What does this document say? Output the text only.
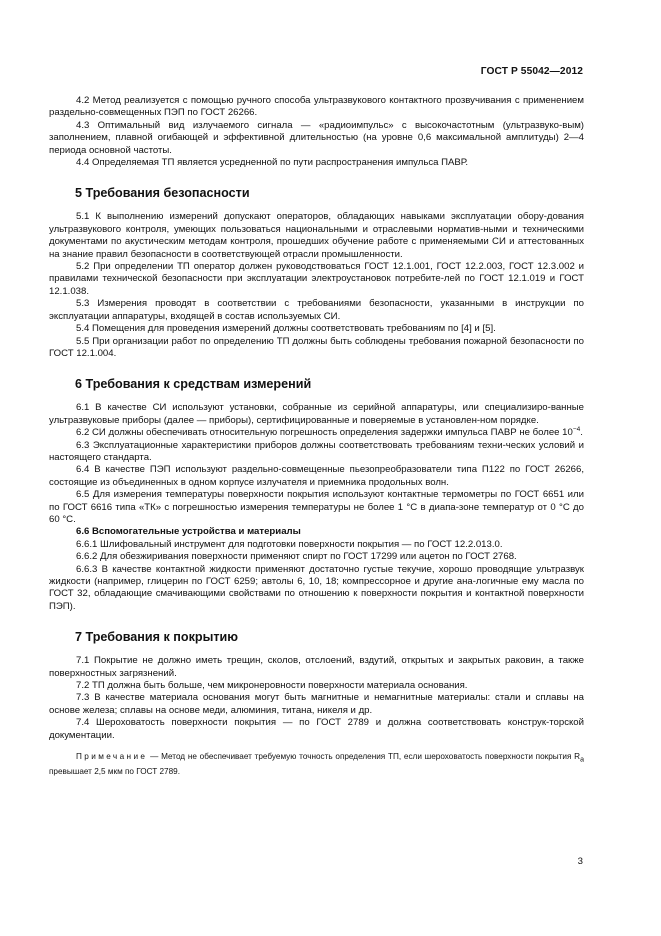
ГОСТ Р 55042—2012

4.2 Метод реализуется с помощью ручного способа ультразвукового контактного прозвучивания с применением раздельно-совмещенных ПЭП по ГОСТ 26266.

4.3 Оптимальный вид излучаемого сигнала — «радиоимпульс» с высокочастотным (ультразвуко-вым) заполнением, плавной огибающей и эффективной длительностью (на уровне 0,6 максимальной амплитуды) 2—4 периода основной частоты.

4.4 Определяемая ТП является усредненной по пути распространения импульса ПАВР.

5 Требования безопасности

5.1 К выполнению измерений допускают операторов, обладающих навыками эксплуатации обору-дования ультразвукового контроля, умеющих пользоваться национальными и отраслевыми норматив-ными и техническими документами по акустическим методам контроля, прошедших обучение работе с применяемыми СИ и аттестованных на знание правил безопасности в соответствующей отрасли промышленности.

5.2 При определении ТП оператор должен руководствоваться ГОСТ 12.1.001, ГОСТ 12.2.003, ГОСТ 12.3.002 и правилами технической безопасности при эксплуатации электроустановок потребите-лей по ГОСТ 12.1.019 и ГОСТ 12.1.038.

5.3 Измерения проводят в соответствии с требованиями безопасности, указанными в инструкции по эксплуатации аппаратуры, входящей в состав используемых СИ.

5.4 Помещения для проведения измерений должны соответствовать требованиям по [4] и [5].

5.5 При организации работ по определению ТП должны быть соблюдены требования пожарной безопасности по ГОСТ 12.1.004.

6 Требования к средствам измерений

6.1 В качестве СИ используют установки, собранные из серийной аппаратуры, или специализиро-ванные ультразвуковые приборы (далее — приборы), сертифицированные и поверяемые в установлен-ном порядке.

6.2 СИ должны обеспечивать относительную погрешность определения задержки импульса ПАВР не более $10^{-4}$.

6.3 Эксплуатационные характеристики приборов должны соответствовать требованиям техни-ческих условий и настоящего стандарта.

6.4 В качестве ПЭП используют раздельно-совмещенные пьезопреобразователи типа П122 по ГОСТ 26266, состоящие из объединенных в одном корпусе излучателя и приемника продольных волн.

6.5 Для измерения температуры поверхности покрытия используют контактные термометры по ГОСТ 6651 или по ГОСТ 6616 типа «ТК» с погрешностью измерения температуры не более 1 °С в диапа-зоне температур от 0 °С до 60 °С.

6.6 Вспомогательные устройства и материалы

6.6.1 Шлифовальный инструмент для подготовки поверхности покрытия — по ГОСТ 12.2.013.0.

6.6.2 Для обезжиривания поверхности применяют спирт по ГОСТ 17299 или ацетон по ГОСТ 2768.

6.6.3 В качестве контактной жидкости применяют достаточно густые текучие, хорошо проводящие ультразвук жидкости (например, глицерин по ГОСТ 6259; автолы 6, 10, 18; компрессорное и другие ана-логичные ему масла по ГОСТ 32, обладающие смачивающими свойствами по отношению к поверхности покрытия и контактной поверхности ПЭП).

7 Требования к покрытию

7.1 Покрытие не должно иметь трещин, сколов, отслоений, вздутий, открытых и закрытых раковин, а также поверхностных загрязнений.

7.2 ТП должна быть больше, чем микронеровности поверхности материала основания.

7.3 В качестве материала основания могут быть магнитные и немагнитные материалы: стали и сплавы на основе железа; сплавы на основе меди, алюминия, титана, никеля и др.

7.4 Шероховатость поверхности покрытия — по ГОСТ 2789 и должна соответствовать конструк-торской документации.

Примечание — Метод не обеспечивает требуемую точность определения ТП, если шероховатость поверхности покрытия $R_a$ превышает 2,5 мкм по ГОСТ 2789.

3
